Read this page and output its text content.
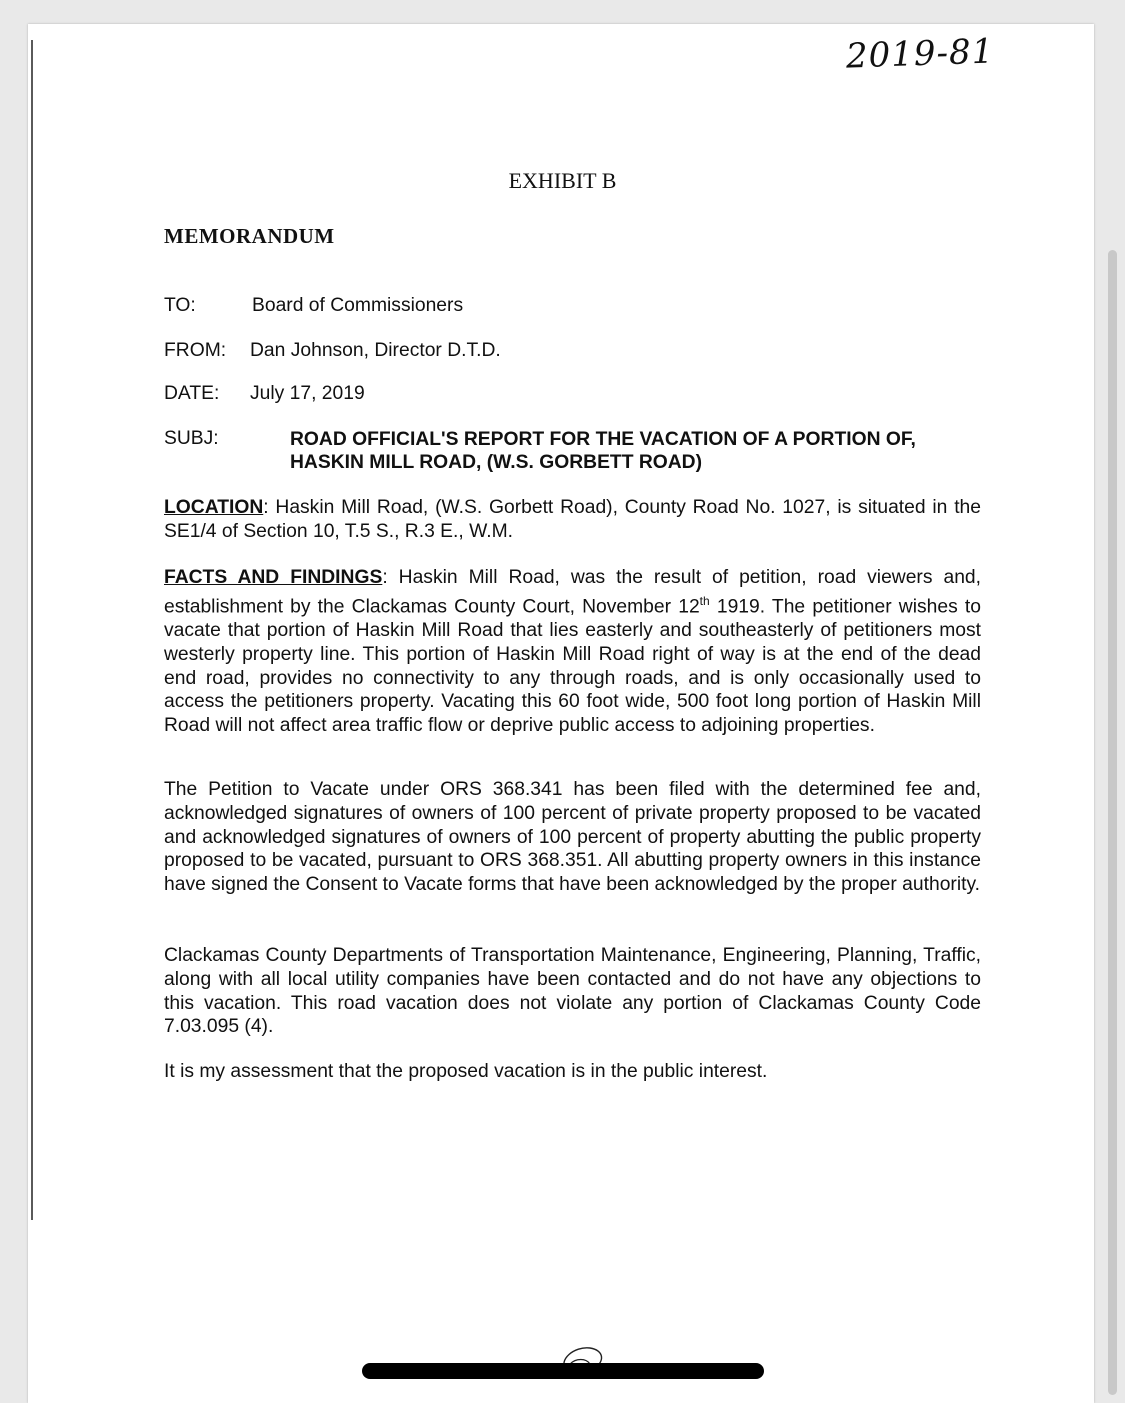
2019-81
EXHIBIT B
MEMORANDUM
TO:	Board of Commissioners
FROM: Dan Johnson, Director D.T.D.
DATE: July 17, 2019
SUBJ:	ROAD OFFICIAL'S REPORT FOR THE VACATION OF A PORTION OF,
HASKIN MILL ROAD, (W.S. GORBETT ROAD)
LOCATION: Haskin Mill Road, (W.S. Gorbett Road), County Road No. 1027, is situated in the SE1/4 of Section 10, T.5 S., R.3 E., W.M.
FACTS AND FINDINGS: Haskin Mill Road, was the result of petition, road viewers and, establishment by the Clackamas County Court, November 12th 1919. The petitioner wishes to vacate that portion of Haskin Mill Road that lies easterly and southeasterly of petitioners most westerly property line. This portion of Haskin Mill Road right of way is at the end of the dead end road, provides no connectivity to any through roads, and is only occasionally used to access the petitioners property. Vacating this 60 foot wide, 500 foot long portion of Haskin Mill Road will not affect area traffic flow or deprive public access to adjoining properties.
The Petition to Vacate under ORS 368.341 has been filed with the determined fee and, acknowledged signatures of owners of 100 percent of private property proposed to be vacated and acknowledged signatures of owners of 100 percent of property abutting the public property proposed to be vacated, pursuant to ORS 368.351. All abutting property owners in this instance have signed the Consent to Vacate forms that have been acknowledged by the proper authority.
Clackamas County Departments of Transportation Maintenance, Engineering, Planning, Traffic, along with all local utility companies have been contacted and do not have any objections to this vacation. This road vacation does not violate any portion of Clackamas County Code 7.03.095 (4).
It is my assessment that the proposed vacation is in the public interest.
